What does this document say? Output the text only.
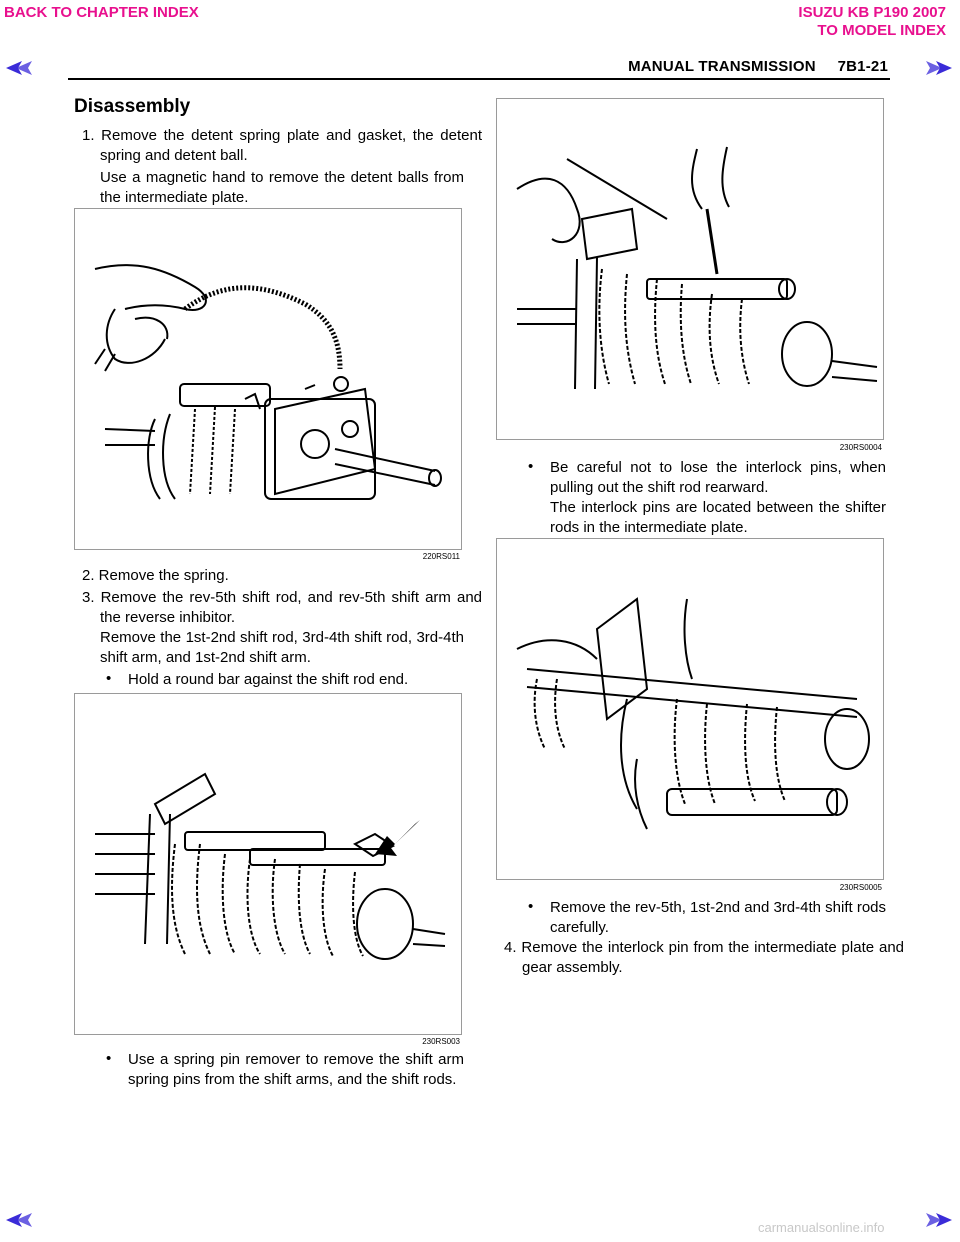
BACK TO CHAPTER INDEX	ISUZU KB P190 2007
TO MODEL INDEX
MANUAL TRANSMISSION     7B1-21
Disassembly
1. Remove the detent spring plate and gasket, the detent spring and detent ball.
Use a magnetic hand to remove the detent balls from the intermediate plate.
220RS011
2. Remove the spring.
3. Remove the rev-5th shift rod, and rev-5th shift arm and the reverse inhibitor.
Remove the 1st-2nd shift rod, 3rd-4th shift rod, 3rd-4th shift arm, and 1st-2nd shift arm.
• Hold a round bar against the shift rod end.
230RS003
• Use a spring pin remover to remove the shift arm spring pins from the shift arms, and the shift rods.
230RS0004
• Be careful not to lose the interlock pins, when pulling out the shift rod rearward.
The interlock pins are located between the shifter rods in the intermediate plate.
230RS0005
• Remove the rev-5th, 1st-2nd and 3rd-4th shift rods carefully.
4. Remove the interlock pin from the intermediate plate and gear assembly.
carmanualsonline.info
